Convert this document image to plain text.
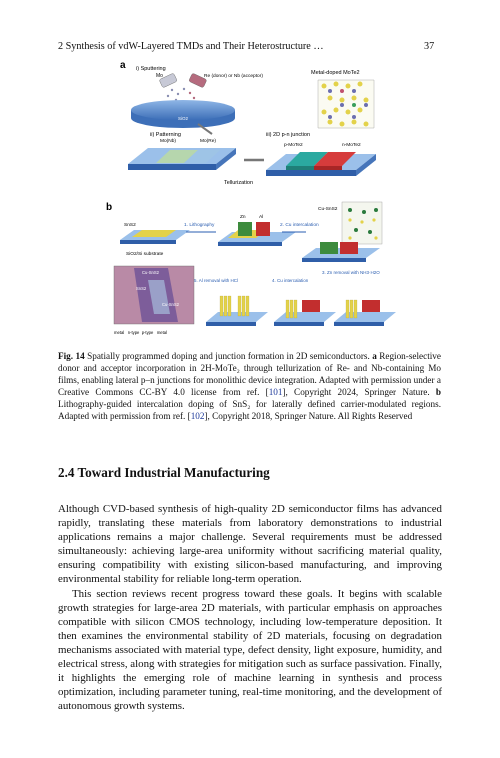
2 Synthesis of vdW-Layered TMDs and Their Heterostructure …	37
a i) Sputtering
Mo	Re (donor) or Nb (acceptor)
SiO2
Metal-doped MoTe2
ii) Patterning
Mo(Nb)	Mo(Re)
Tellurization
iii) 2D p-n junction
p-MoTe2	n-MoTe2
b
SnS2
SiO2/Si substrate
1. Lithography
Zn	Al
2. Cu intercalation
Cu-SnS2
3. Zn removal with NH3·H2O
5. Al removal with HCl	4. Cu intercalation
Cu-SnS2
SnS2
Cu-SnS2
metal   n-type  p-type   metal
Fig. 14 Spatially programmed doping and junction formation in 2D semiconductors. a Region-selective donor and acceptor incorporation in 2H-MoTe₂ through tellurization of Re- and Nb-containing Mo films, enabling lateral p–n junctions for monolithic device integration. Adapted with permission under a Creative Commons CC-BY 4.0 license from ref. [101], Copyright 2024, Springer Nature. b Lithography-guided intercalation doping of SnS₂ for laterally defined carrier-modulated regions. Adapted with permission from ref. [102], Copyright 2018, Springer Nature. All Rights Reserved
2.4 Toward Industrial Manufacturing

Although CVD-based synthesis of high-quality 2D semiconductor films has advanced rapidly, translating these materials from laboratory demonstrations to industrial applications remains a major challenge. Several requirements must be addressed simultaneously: achieving large-area uniformity without sacrificing material quality, ensuring compatibility with existing silicon-based manufacturing, and improving environmental stability for reliable long-term operation.

This section reviews recent progress toward these goals. It begins with scalable growth strategies for large-area 2D materials, with particular emphasis on approaches compatible with silicon CMOS technology, including low-temperature deposition. It then examines the environmental stability of 2D materials, focusing on degradation mechanisms associated with material type, defect density, light exposure, humidity, and electrical stress, along with strategies for mitigation such as surface passivation. Finally, it highlights the emerging role of machine learning in synthesis and process optimization, including parameter tuning, real-time monitoring, and the development of autonomous growth systems.
